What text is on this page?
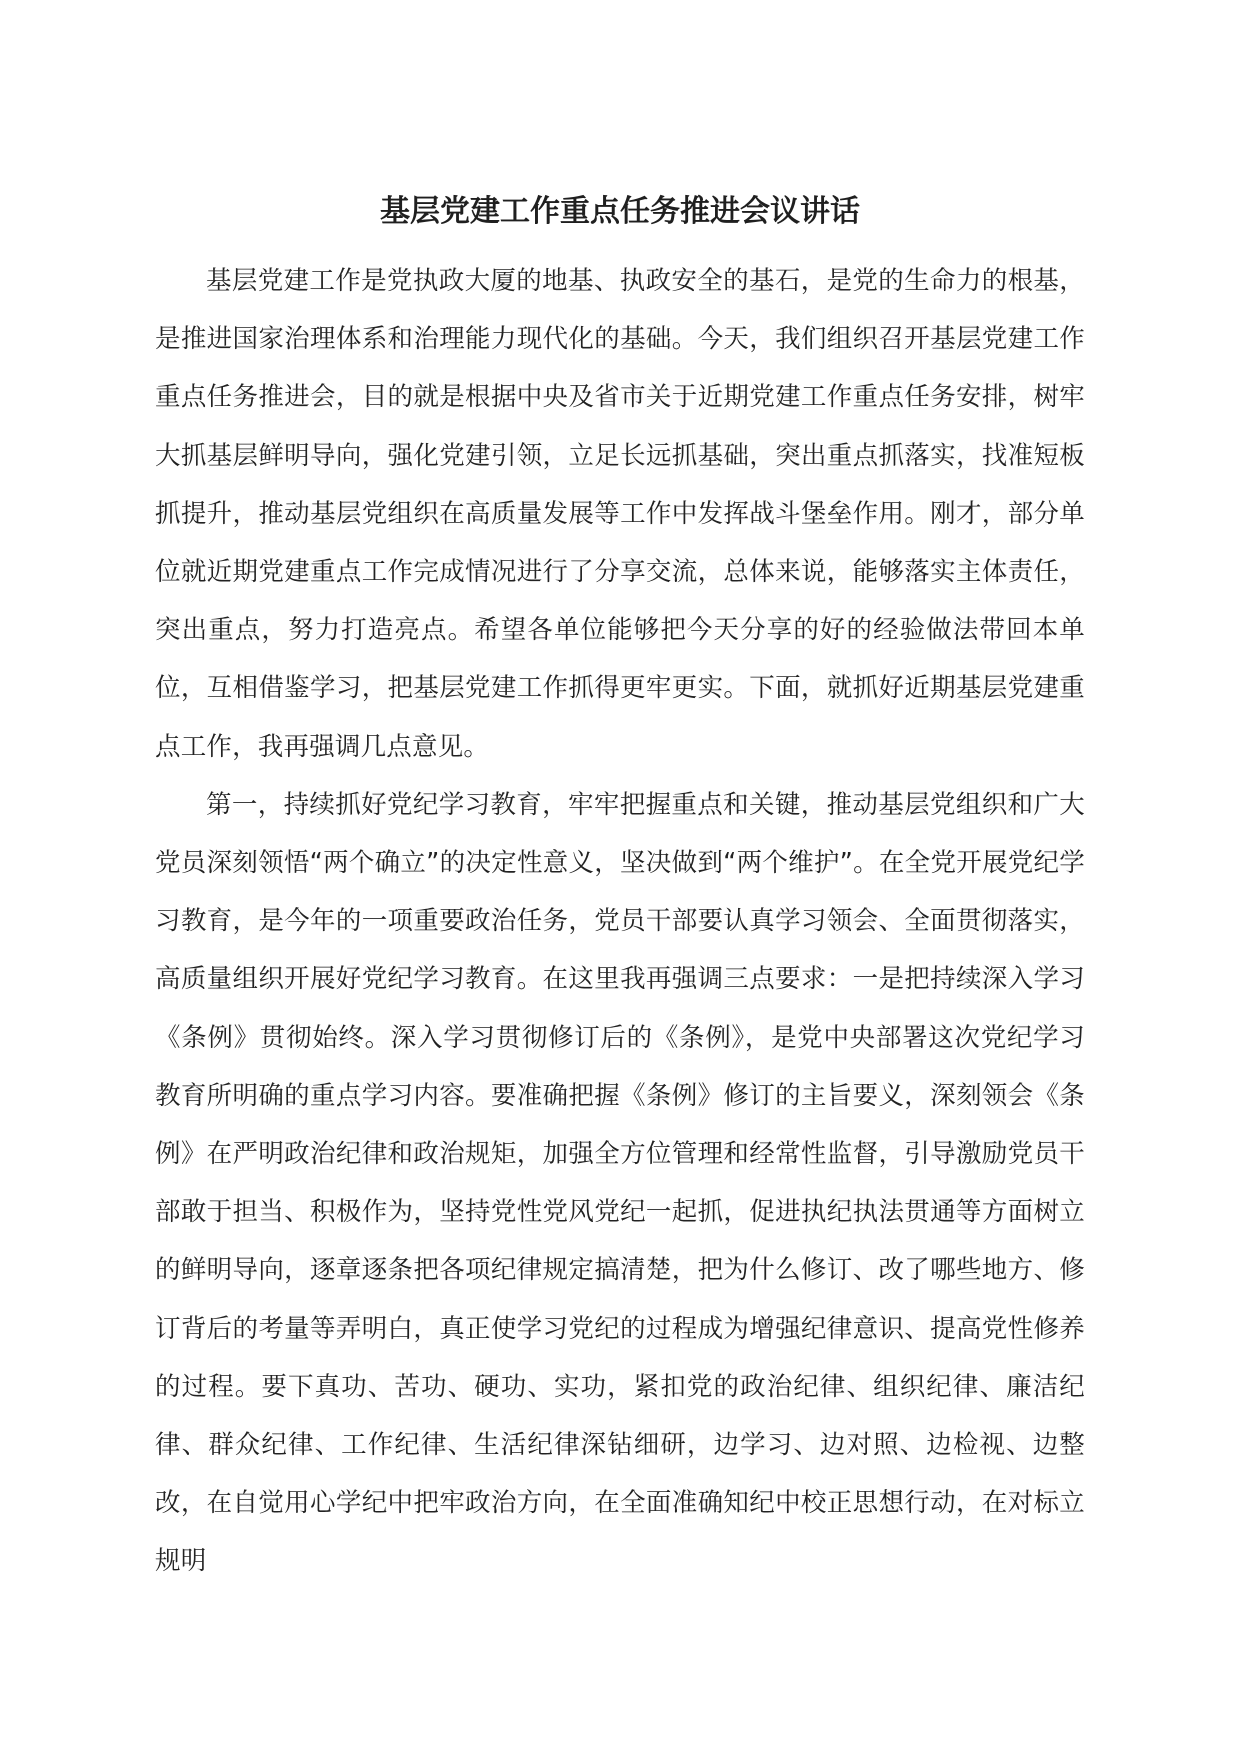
基层党建工作重点任务推进会议讲话

基层党建工作是党执政大厦的地基、执政安全的基石，是党的生命力的根基，是推进国家治理体系和治理能力现代化的基础。今天，我们组织召开基层党建工作重点任务推进会，目的就是根据中央及省市关于近期党建工作重点任务安排，树牢大抓基层鲜明导向，强化党建引领，立足长远抓基础，突出重点抓落实，找准短板抓提升，推动基层党组织在高质量发展等工作中发挥战斗堡垒作用。刚才，部分单位就近期党建重点工作完成情况进行了分享交流，总体来说，能够落实主体责任，突出重点，努力打造亮点。希望各单位能够把今天分享的好的经验做法带回本单位，互相借鉴学习，把基层党建工作抓得更牢更实。下面，就抓好近期基层党建重点工作，我再强调几点意见。

第一，持续抓好党纪学习教育，牢牢把握重点和关键，推动基层党组织和广大党员深刻领悟“两个确立”的决定性意义，坚决做到“两个维护”。在全党开展党纪学习教育，是今年的一项重要政治任务，党员干部要认真学习领会、全面贯彻落实，高质量组织开展好党纪学习教育。在这里我再强调三点要求：一是把持续深入学习《条例》贯彻始终。深入学习贯彻修订后的《条例》，是党中央部署这次党纪学习教育所明确的重点学习内容。要准确把握《条例》修订的主旨要义，深刻领会《条例》在严明政治纪律和政治规矩，加强全方位管理和经常性监督，引导激励党员干部敢于担当、积极作为，坚持党性党风党纪一起抓，促进执纪执法贯通等方面树立的鲜明导向，逐章逐条把各项纪律规定搞清楚，把为什么修订、改了哪些地方、修订背后的考量等弄明白，真正使学习党纪的过程成为增强纪律意识、提高党性修养的过程。要下真功、苦功、硬功、实功，紧扣党的政治纪律、组织纪律、廉洁纪律、群众纪律、工作纪律、生活纪律深钻细研，边学习、边对照、边检视、边整改，在自觉用心学纪中把牢政治方向，在全面准确知纪中校正思想行动，在对标立规明
